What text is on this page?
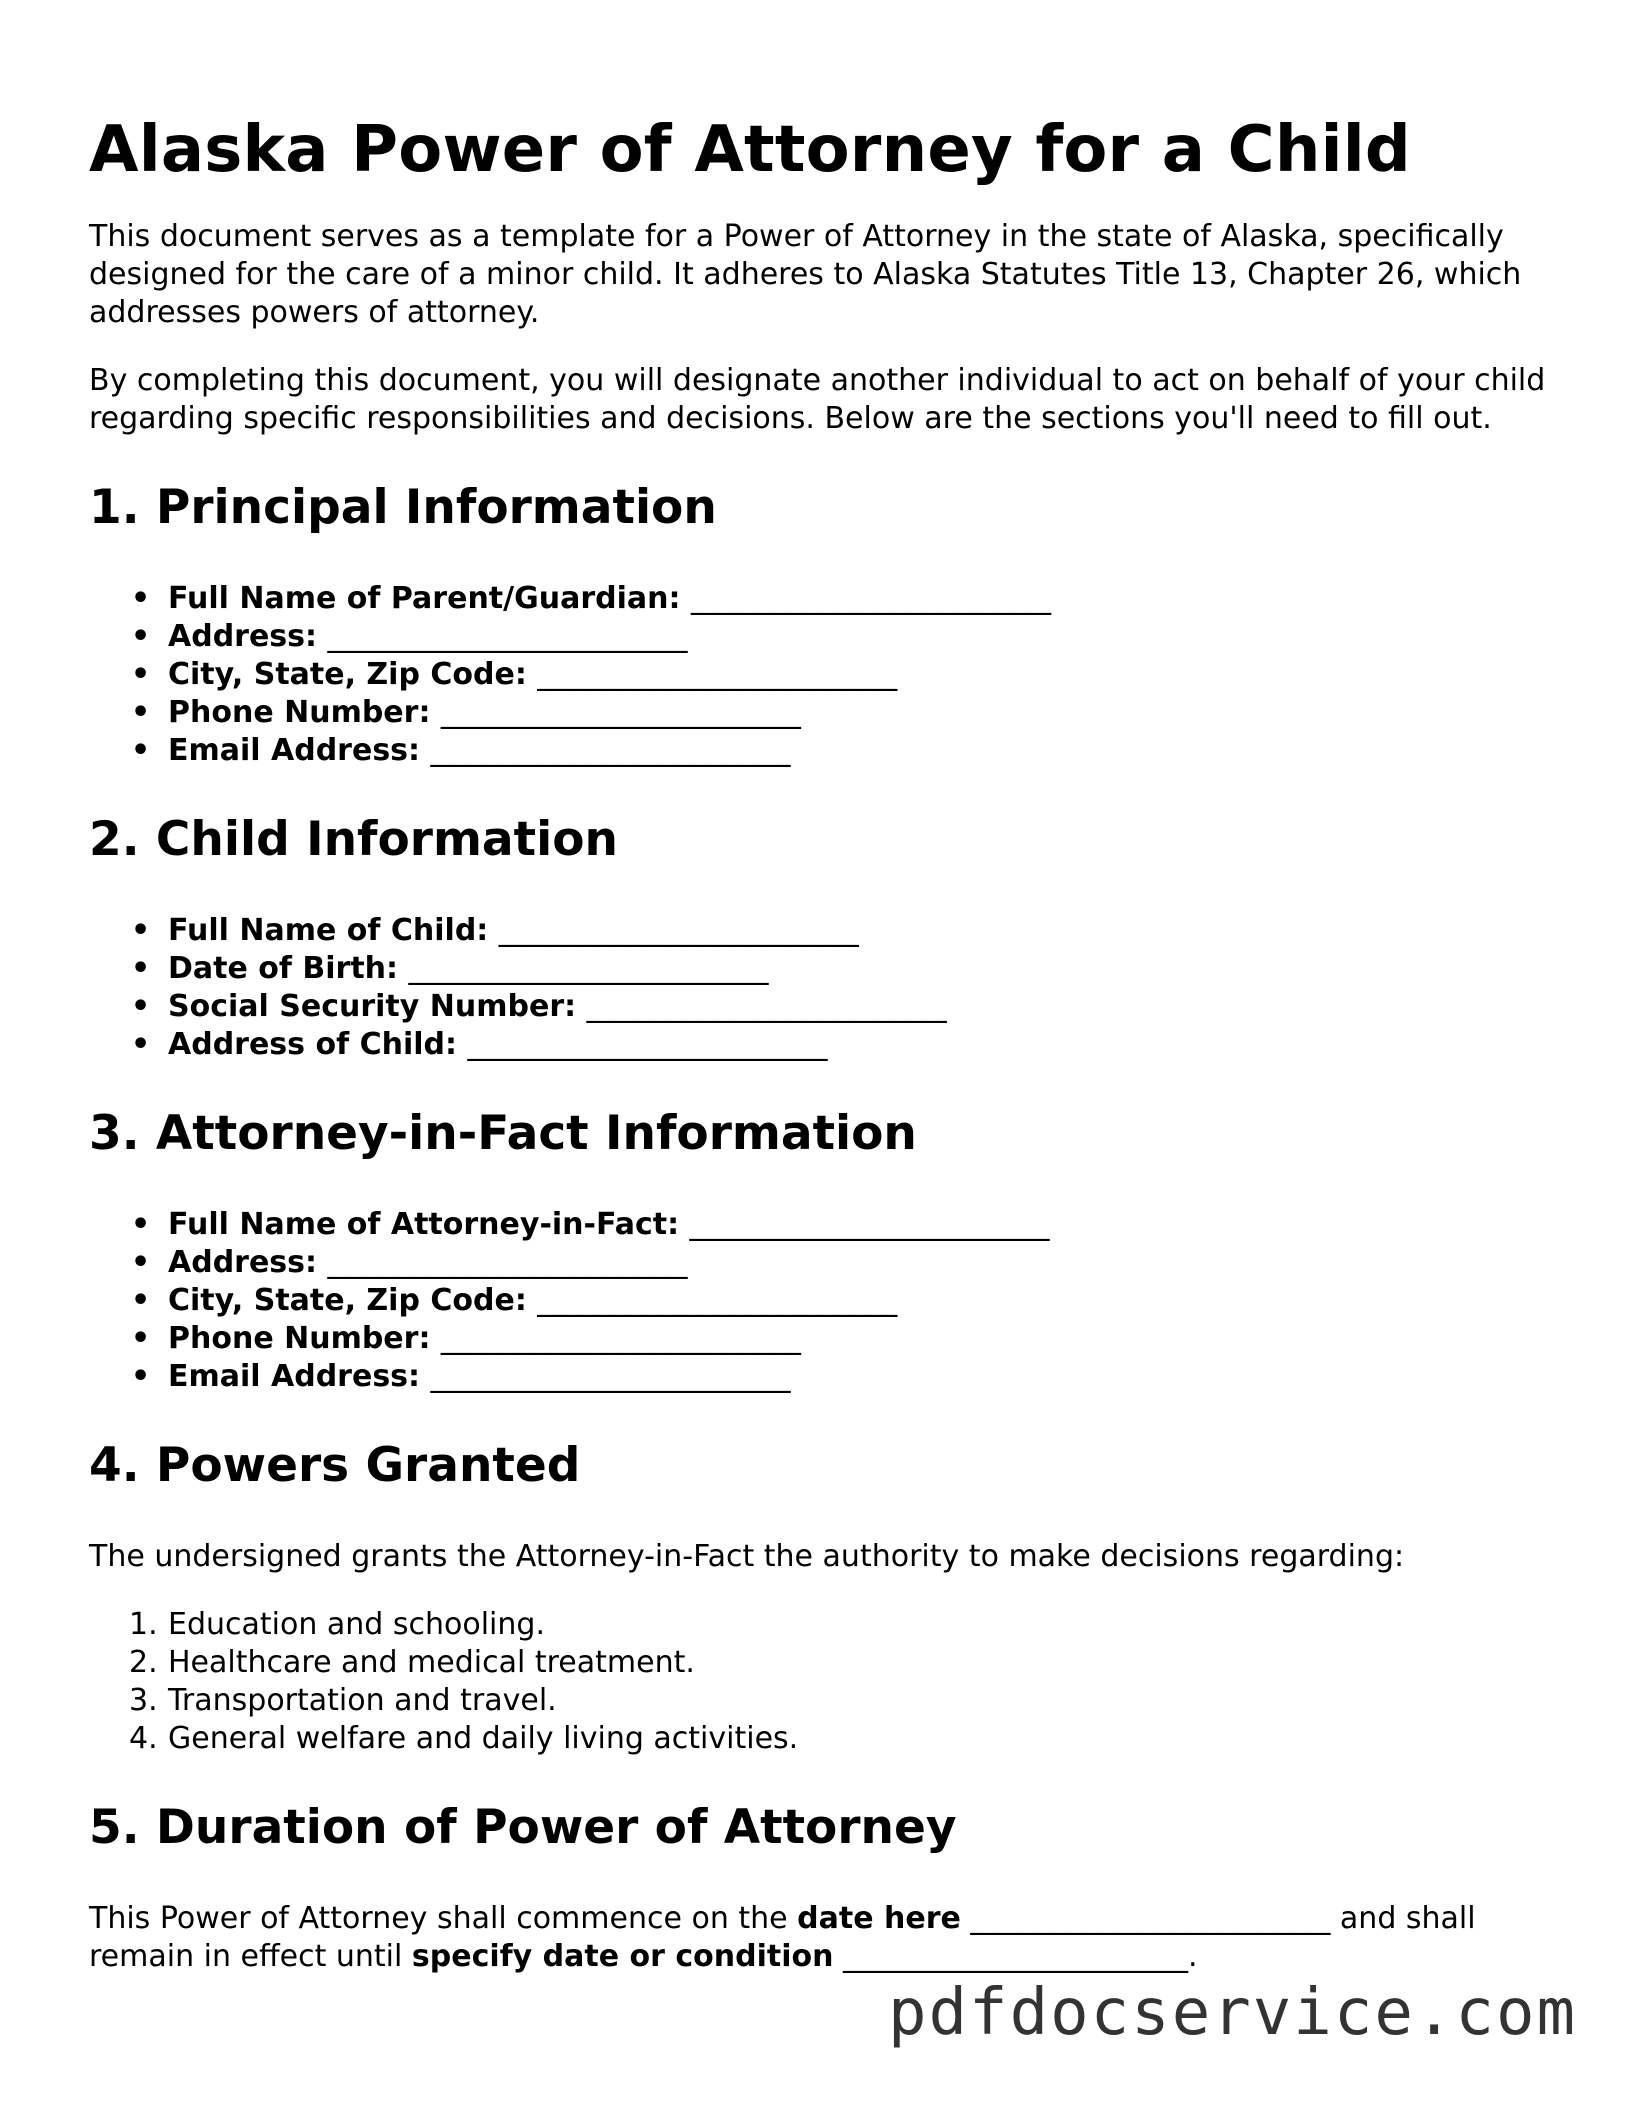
Alaska Power of Attorney for a Child

This document serves as a template for a Power of Attorney in the state of Alaska, specifically designed for the care of a minor child. It adheres to Alaska Statutes Title 13, Chapter 26, which addresses powers of attorney.

By completing this document, you will designate another individual to act on behalf of your child regarding specific responsibilities and decisions. Below are the sections you'll need to fill out.

1. Principal Information
• Full Name of Parent/Guardian: ________________________
• Address: ________________________
• City, State, Zip Code: ________________________
• Phone Number: ________________________
• Email Address: ________________________
2. Child Information
• Full Name of Child: ________________________
• Date of Birth: ________________________
• Social Security Number: ________________________
• Address of Child: ________________________
3. Attorney-in-Fact Information
• Full Name of Attorney-in-Fact: ________________________
• Address: ________________________
• City, State, Zip Code: ________________________
• Phone Number: ________________________
• Email Address: ________________________
4. Powers Granted

The undersigned grants the Attorney-in-Fact the authority to make decisions regarding:

1. Education and schooling.
2. Healthcare and medical treatment.
3. Transportation and travel.
4. General welfare and daily living activities.
5. Duration of Power of Attorney

This Power of Attorney shall commence on the date here ________________________ and shall remain in effect until specify date or condition _______________________.

pdfdocservice.com
